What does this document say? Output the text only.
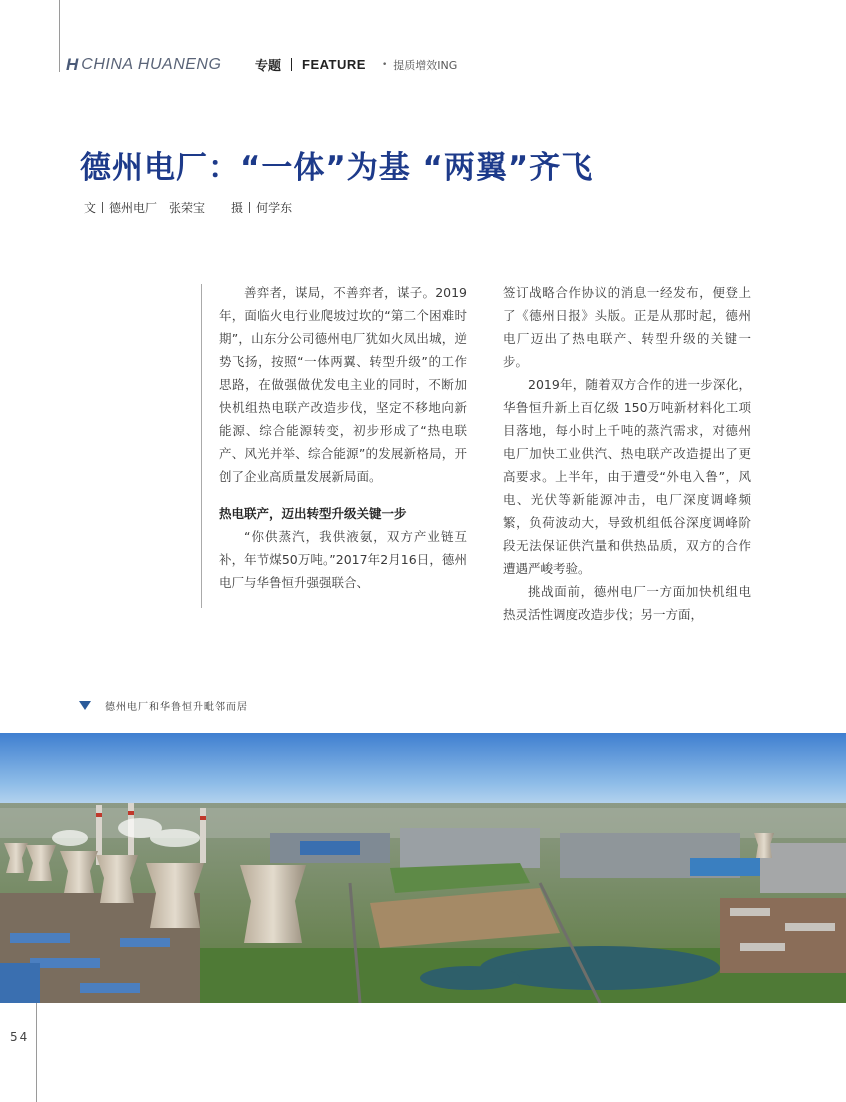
H CHINA HUANENG	专题 FEATURE • 提质增效ING
德州电厂：“一体”为基 “两翼”齐飞
文 德州电厂 张荣宝 摄 何学东

善弈者，谋局，不善弈者，谋子。2019年，面临火电行业爬坡过坎的“第二个困难时期”，山东分公司德州电厂犹如火凤出城，逆势飞扬，按照“一体两翼、转型升级”的工作思路，在做强做优发电主业的同时，不断加快机组热电联产改造步伐，坚定不移地向新能源、综合能源转变，初步形成了“热电联产、风光并举、综合能源”的发展新格局，开创了企业高质量发展新局面。

热电联产，迈出转型升级关键一步

“你供蒸汽，我供液氨，双方产业链互补，年节煤50万吨。”2017年2月16日，德州电厂与华鲁恒升强强联合、

签订战略合作协议的消息一经发布，便登上了《德州日报》头版。正是从那时起，德州电厂迈出了热电联产、转型升级的关键一步。

2019年，随着双方合作的进一步深化，华鲁恒升新上百亿级 150万吨新材料化工项目落地，每小时上千吨的蒸汽需求，对德州电厂加快工业供汽、热电联产改造提出了更高要求。上半年，由于遭受“外电入鲁”，风电、光伏等新能源冲击，电厂深度调峰频繁，负荷波动大，导致机组低谷深度调峰阶段无法保证供汽量和供热品质，双方的合作遭遇严峻考验。

挑战面前，德州电厂一方面加快机组电热灵活性调度改造步伐；另一方面，

德州电厂和华鲁恒升毗邻而居
54
